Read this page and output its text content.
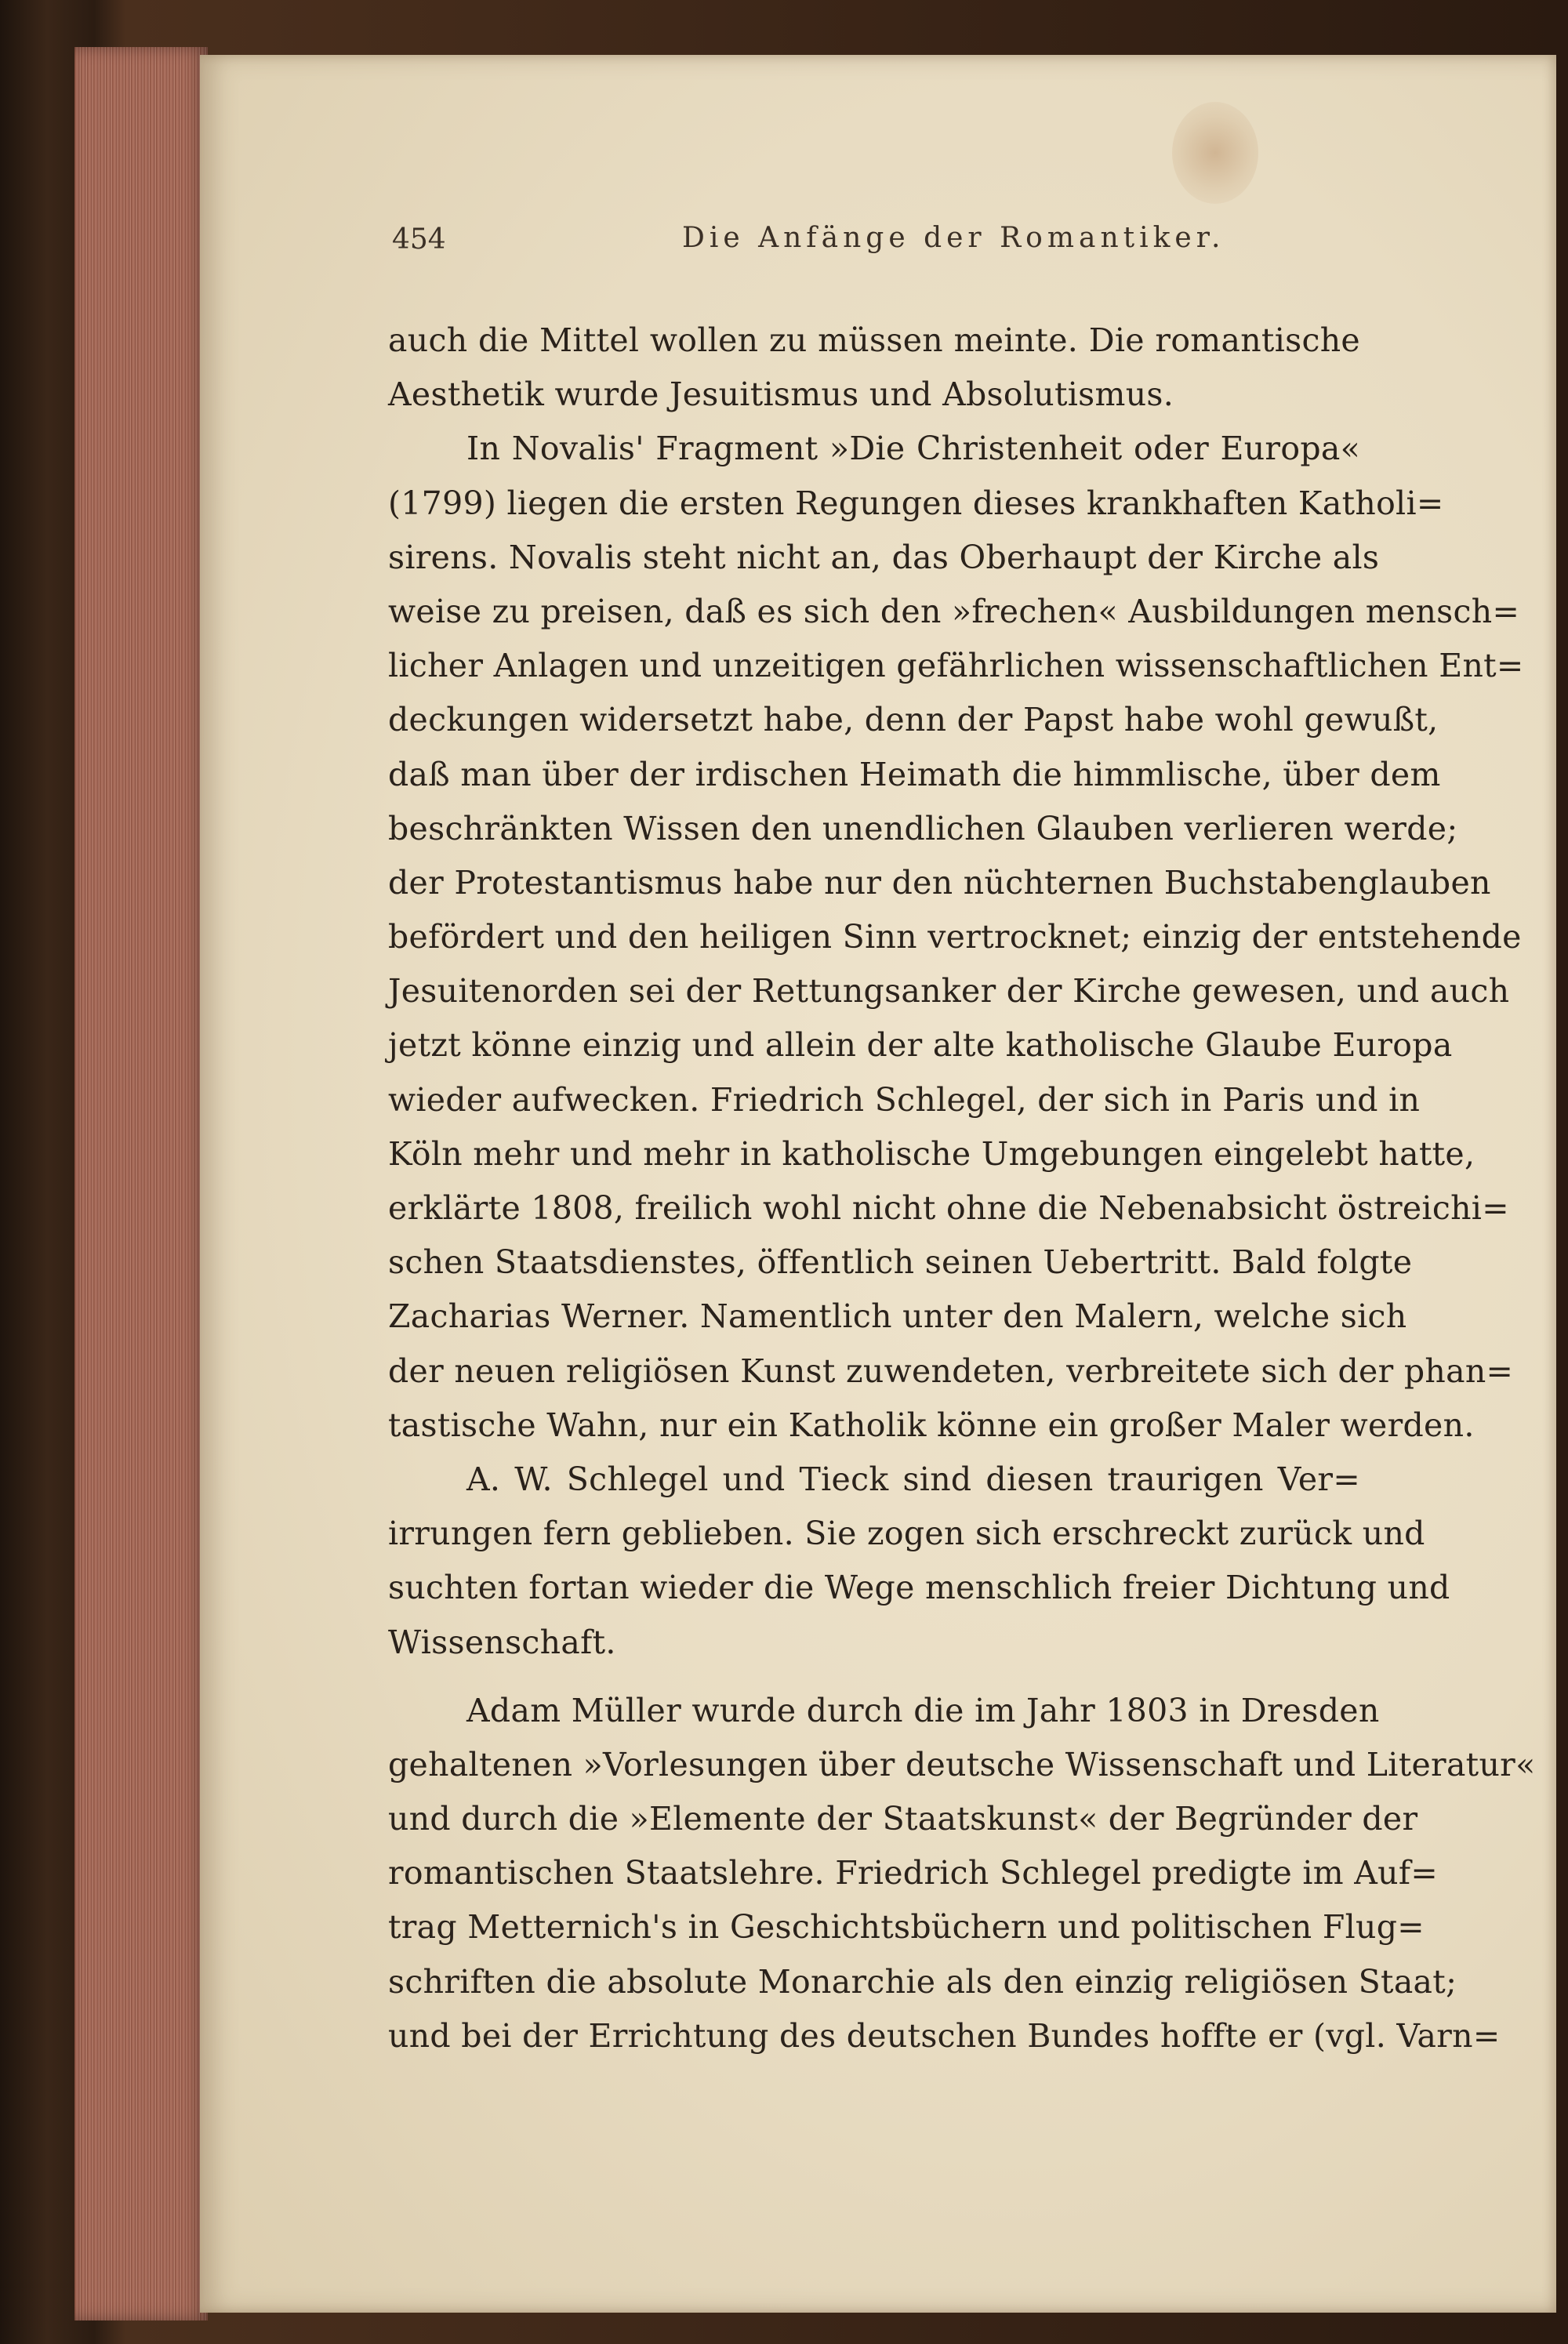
454	Die Anfänge der Romantiker.
auch die Mittel wollen zu müssen meinte. Die romantische
Aesthetik wurde Jesuitismus und Absolutismus.
In Novalis' Fragment »Die Christenheit oder Europa«
(1799) liegen die ersten Regungen dieses krankhaften Katholi=
sirens. Novalis steht nicht an, das Oberhaupt der Kirche als
weise zu preisen, daß es sich den »frechen« Ausbildungen mensch=
licher Anlagen und unzeitigen gefährlichen wissenschaftlichen Ent=
deckungen widersetzt habe, denn der Papst habe wohl gewußt,
daß man über der irdischen Heimath die himmlische, über dem
beschränkten Wissen den unendlichen Glauben verlieren werde;
der Protestantismus habe nur den nüchternen Buchstabenglauben
befördert und den heiligen Sinn vertrocknet; einzig der entstehende
Jesuitenorden sei der Rettungsanker der Kirche gewesen, und auch
jetzt könne einzig und allein der alte katholische Glaube Europa
wieder aufwecken. Friedrich Schlegel, der sich in Paris und in
Köln mehr und mehr in katholische Umgebungen eingelebt hatte,
erklärte 1808, freilich wohl nicht ohne die Nebenabsicht östreichi=
schen Staatsdienstes, öffentlich seinen Uebertritt. Bald folgte
Zacharias Werner. Namentlich unter den Malern, welche sich
der neuen religiösen Kunst zuwendeten, verbreitete sich der phan=
tastische Wahn, nur ein Katholik könne ein großer Maler werden.
A. W. Schlegel und Tieck sind diesen traurigen Ver=
irrungen fern geblieben. Sie zogen sich erschreckt zurück und
suchten fortan wieder die Wege menschlich freier Dichtung und
Wissenschaft.
Adam Müller wurde durch die im Jahr 1803 in Dresden
gehaltenen »Vorlesungen über deutsche Wissenschaft und Literatur«
und durch die »Elemente der Staatskunst« der Begründer der
romantischen Staatslehre. Friedrich Schlegel predigte im Auf=
trag Metternich's in Geschichtsbüchern und politischen Flug=
schriften die absolute Monarchie als den einzig religiösen Staat;
und bei der Errichtung des deutschen Bundes hoffte er (vgl. Varn=
